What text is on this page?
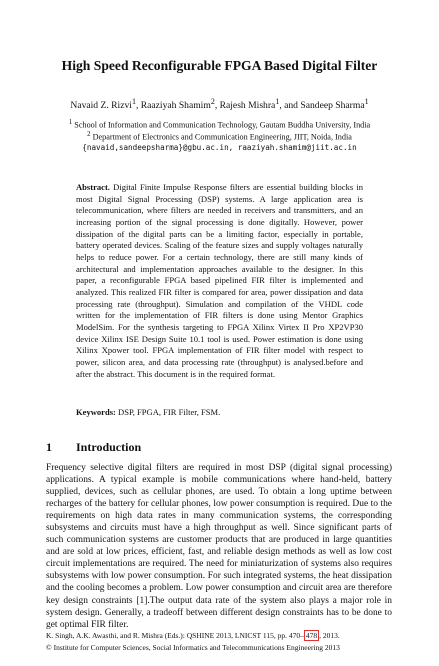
High Speed Reconfigurable FPGA Based Digital Filter
Navaid Z. Rizvi$^1$, Raaziyah Shamim$^2$, Rajesh Mishra$^1$, and Sandeep Sharma$^1$
$^1$ School of Information and Communication Technology, Gautam Buddha University, India
$^2$ Department of Electronics and Communication Engineering, JIIT, Noida, India
{navaid,sandeepsharma}@gbu.ac.in, raaziyah.shamim@jiit.ac.in
Abstract. Digital Finite Impulse Response filters are essential building blocks in most Digital Signal Processing (DSP) systems. A large application area is telecommunication, where filters are needed in receivers and transmitters, and an increasing portion of the signal processing is done digitally. However, power dissipation of the digital parts can be a limiting factor, especially in portable, battery operated devices. Scaling of the feature sizes and supply voltages naturally helps to reduce power. For a certain technology, there are still many kinds of architectural and implementation approaches available to the designer. In this paper, a reconfigurable FPGA based pipelined FIR filter is implemented and analyzed. This realized FIR filter is compared for area, power dissipation and data processing rate (throughput). Simulation and compilation of the VHDL code written for the implementation of FIR filters is done using Mentor Graphics ModelSim. For the synthesis targeting to FPGA Xilinx Virtex II Pro XP2VP30 device Xilinx ISE Design Suite 10.1 tool is used. Power estimation is done using Xilinx Xpower tool. FPGA implementation of FIR filter model with respect to power, silicon area, and data processing rate (throughput) is analysed.before and after the abstract. This document is in the required format.
Keywords: DSP, FPGA, FIR Filter, FSM.
1 Introduction
Frequency selective digital filters are required in most DSP (digital signal processing) applications. A typical example is mobile communications where hand-held, battery supplied, devices, such as cellular phones, are used. To obtain a long uptime between recharges of the battery for cellular phones, low power consumption is required. Due to the requirements on high data rates in many communication systems, the corresponding subsystems and circuits must have a high throughput as well. Since significant parts of such communication systems are customer products that are produced in large quantities and are sold at low prices, efficient, fast, and reliable design methods as well as low cost circuit implementations are required. The need for miniaturization of systems also requires subsystems with low power consumption. For such integrated systems, the heat dissipation and the cooling becomes a problem. Low power consumption and circuit area are therefore key design constraints [1].The output data rate of the system also plays a major role in system design. Generally, a tradeoff between different design constraints has to be done to get optimal FIR filter.
K. Singh, A.K. Awasthi, and R. Mishra (Eds.): QSHINE 2013, LNICST 115, pp. 470– 478 , 2013.
© Institute for Computer Sciences, Social Informatics and Telecommunications Engineering 2013
